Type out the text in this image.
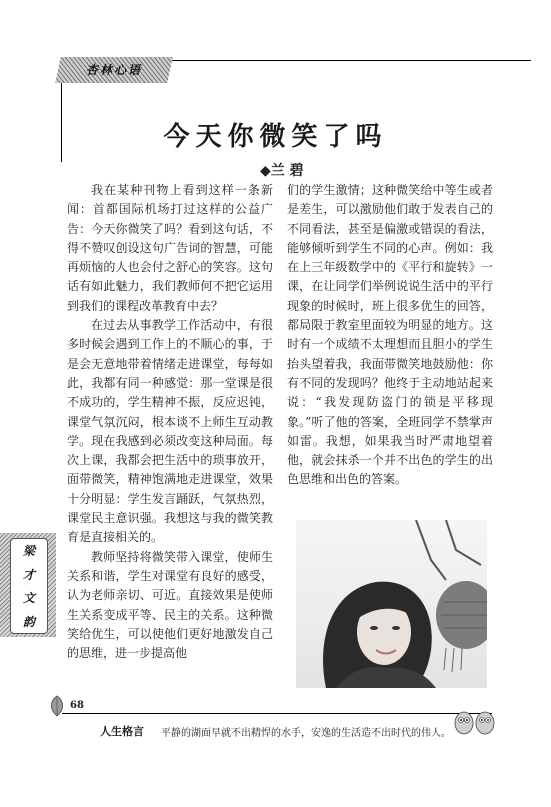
杏林心语
今天你微笑了吗
◆兰 碧

我在某种刊物上看到这样一条新闻：首都国际机场打过这样的公益广告：今天你微笑了吗？看到这句话，不得不赞叹创设这句广告词的智慧，可能再烦恼的人也会付之舒心的笑容。这句话有如此魅力，我们教师何不把它运用到我们的课程改革教育中去？

在过去从事教学工作活动中，有很多时候会遇到工作上的不顺心的事，于是会无意地带着情绪走进课堂，每每如此，我都有同一种感觉：那一堂课是很不成功的，学生精神不振，反应迟钝，课堂气氛沉闷，根本谈不上师生互动教学。现在我感到必须改变这种局面。每次上课，我都会把生活中的琐事放开，面带微笑，精神饱满地走进课堂，效果十分明显：学生发言踊跃，气氛热烈，课堂民主意识强。我想这与我的微笑教育是直接相关的。

教师坚持将微笑带入课堂，使师生关系和谐，学生对课堂有良好的感受，认为老师亲切、可近。直接效果是使师生关系变成平等、民主的关系。这种微笑给优生，可以使他们更好地激发自己的思维，进一步提高他

们的学生激情；这种微笑给中等生或者是差生，可以激励他们敢于发表自己的不同看法，甚至是偏激或错误的看法，能够倾听到学生不同的心声。例如：我在上三年级数学中的《平行和旋转》一课，在让同学们举例说说生活中的平行现象的时候时，班上很多优生的回答，都局限于教室里面较为明显的地方。这时有一个成绩不太理想而且胆小的学生抬头望着我，我面带微笑地鼓励他：你有不同的发现吗？他终于主动地站起来说：“我发现防盗门的锁是平移现象。”听了他的答案，全班同学不禁掌声如雷。我想，如果我当时严肃地望着他，就会抹杀一个并不出色的学生的出色思维和出色的答案。

梁
才
文
韵
68
人生格言 平静的湖面早就不出精悍的水手，安逸的生活造不出时代的伟人。
